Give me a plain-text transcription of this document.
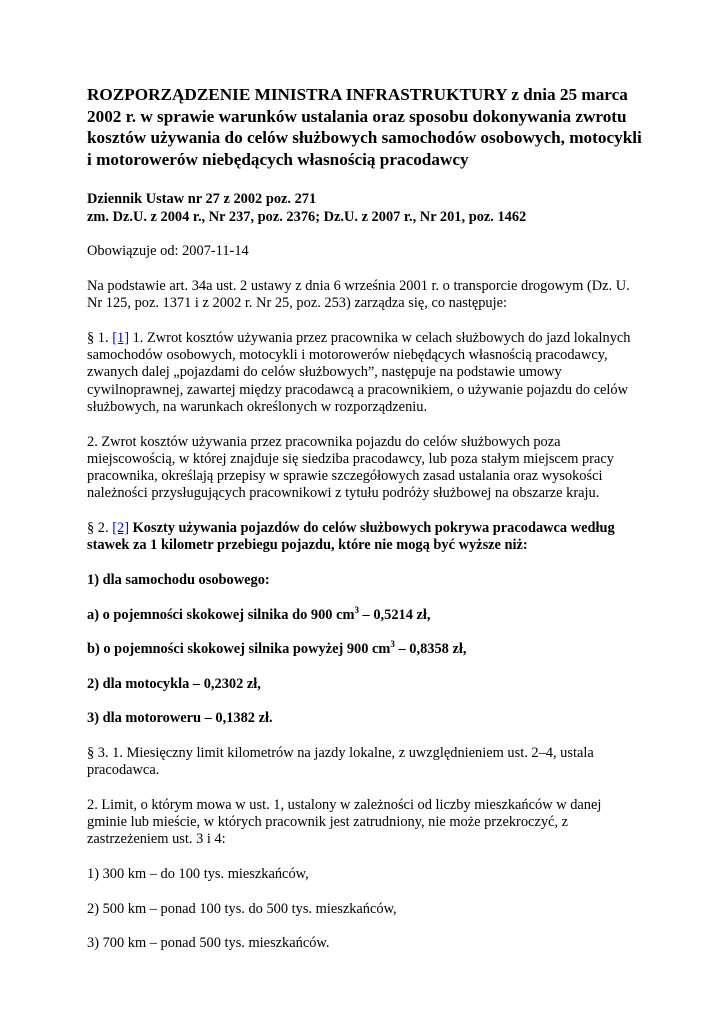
ROZPORZĄDZENIE MINISTRA INFRASTRUKTURY z dnia 25 marca 2002 r. w sprawie warunków ustalania oraz sposobu dokonywania zwrotu kosztów używania do celów służbowych samochodów osobowych, motocykli i motorowerów niebędących własnością pracodawcy
Dziennik Ustaw nr 27 z 2002 poz. 271
zm. Dz.U. z 2004 r., Nr 237, poz. 2376; Dz.U. z 2007 r., Nr 201, poz. 1462
Obowiązuje od: 2007-11-14
Na podstawie art. 34a ust. 2 ustawy z dnia 6 września 2001 r. o transporcie drogowym (Dz. U. Nr 125, poz. 1371 i z 2002 r. Nr 25, poz. 253) zarządza się, co następuje:
§ 1. [1] 1. Zwrot kosztów używania przez pracownika w celach służbowych do jazd lokalnych samochodów osobowych, motocykli i motorowerów niebędących własnością pracodawcy, zwanych dalej „pojazdami do celów służbowych”, następuje na podstawie umowy cywilnoprawnej, zawartej między pracodawcą a pracownikiem, o używanie pojazdu do celów służbowych, na warunkach określonych w rozporządzeniu.
2. Zwrot kosztów używania przez pracownika pojazdu do celów służbowych poza miejscowością, w której znajduje się siedziba pracodawcy, lub poza stałym miejscem pracy pracownika, określają przepisy w sprawie szczegółowych zasad ustalania oraz wysokości należności przysługujących pracownikowi z tytułu podróży służbowej na obszarze kraju.
§ 2. [2] Koszty używania pojazdów do celów służbowych pokrywa pracodawca według stawek za 1 kilometr przebiegu pojazdu, które nie mogą być wyższe niż:
1) dla samochodu osobowego:
a) o pojemności skokowej silnika do 900 $cm^3 - 0,5214$ zł,
b) o pojemności skokowej silnika powyżej 900 $cm^3 - 0,8358$ zł,
2) dla motocykla – 0,2302 zł,
3) dla motoroweru – 0,1382 zł.
§ 3. 1. Miesięczny limit kilometrów na jazdy lokalne, z uwzględnieniem ust. 2–4, ustala pracodawca.
2. Limit, o którym mowa w ust. 1, ustalony w zależności od liczby mieszkańców w danej gminie lub mieście, w których pracownik jest zatrudniony, nie może przekroczyć, z zastrzeżeniem ust. 3 i 4:
1) 300 km – do 100 tys. mieszkańców,
2) 500 km – ponad 100 tys. do 500 tys. mieszkańców,
3) 700 km – ponad 500 tys. mieszkańców.
